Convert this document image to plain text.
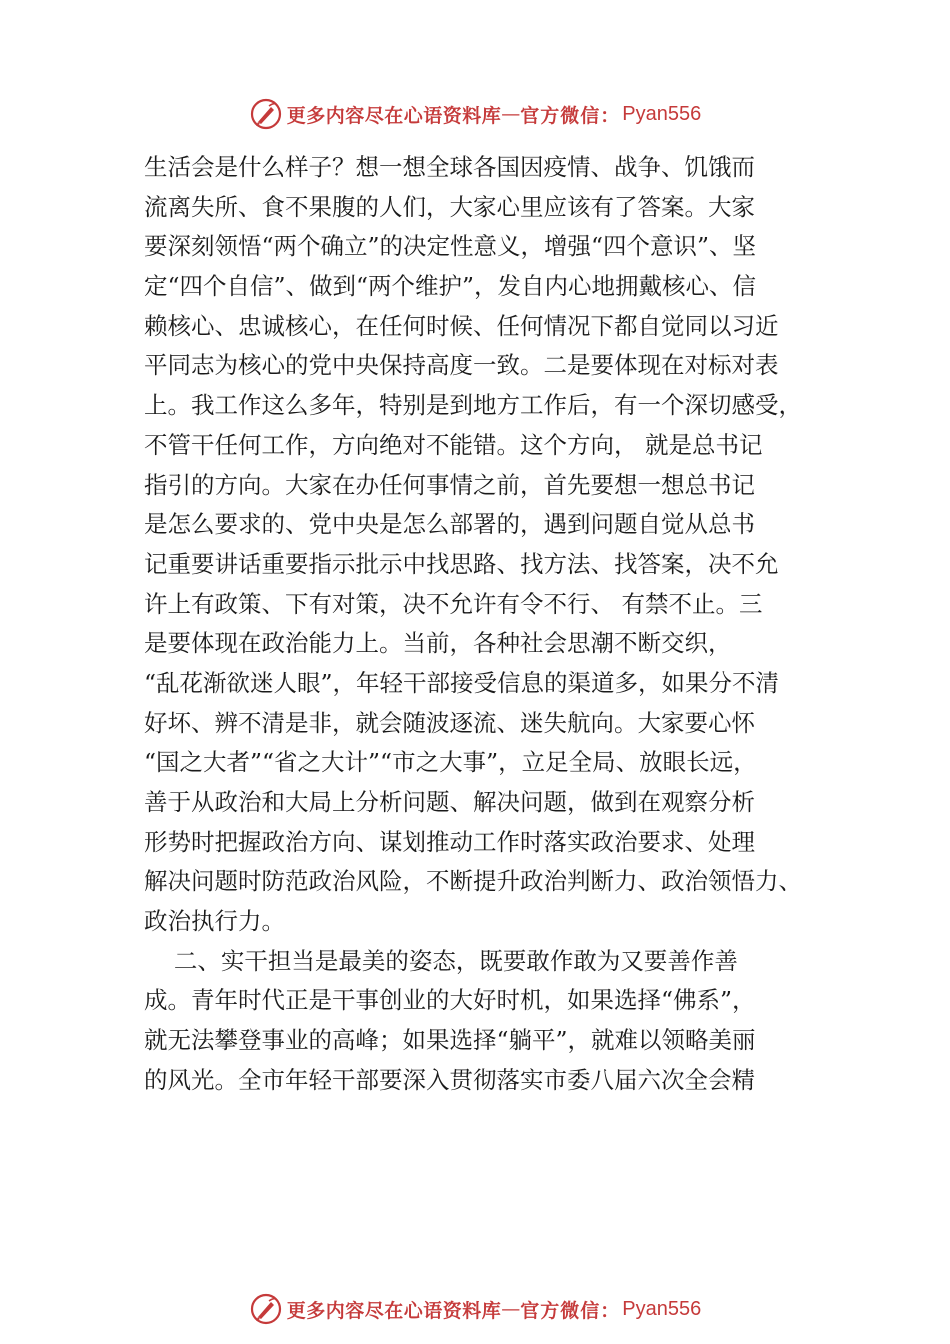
更多内容尽在心语资料库 — 官方微信： Pyan556
生活会是什么样子？想一想全球各国因疫情、战争、饥饿而
流离失所、食不果腹的人们，大家心里应该有了答案。大家
要深刻领悟“两个确立”的决定性意义，增强“四个意识”、坚
定“四个自信”、做到“两个维护”，发自内心地拥戴核心、信
赖核心、忠诚核心，在任何时候、任何情况下都自觉同以习近
平同志为核心的党中央保持高度一致。二是要体现在对标对表
上。我工作这么多年，特别是到地方工作后，有一个深切感受，
不管干任何工作，方向绝对不能错。这个方向， 就是总书记
指引的方向。大家在办任何事情之前，首先要想一想总书记
是怎么要求的、党中央是怎么部署的，遇到问题自觉从总书
记重要讲话重要指示批示中找思路、找方法、找答案，决不允
许上有政策、下有对策，决不允许有令不行、 有禁不止。三
是要体现在政治能力上。当前，各种社会思潮不断交织，
“乱花渐欲迷人眼”，年轻干部接受信息的渠道多，如果分不清
好坏、辨不清是非，就会随波逐流、迷失航向。大家要心怀
“国之大者”“省之大计”“市之大事”，立足全局、放眼长远，
善于从政治和大局上分析问题、解决问题，做到在观察分析
形势时把握政治方向、谋划推动工作时落实政治要求、处理
解决问题时防范政治风险，不断提升政治判断力、政治领悟力、
政治执行力。
二、实干担当是最美的姿态，既要敢作敢为又要善作善
成。青年时代正是干事创业的大好时机，如果选择“佛系”，
就无法攀登事业的高峰；如果选择“躺平”，就难以领略美丽
的风光。全市年轻干部要深入贯彻落实市委八届六次全会精
更多内容尽在心语资料库 — 官方微信： Pyan556
